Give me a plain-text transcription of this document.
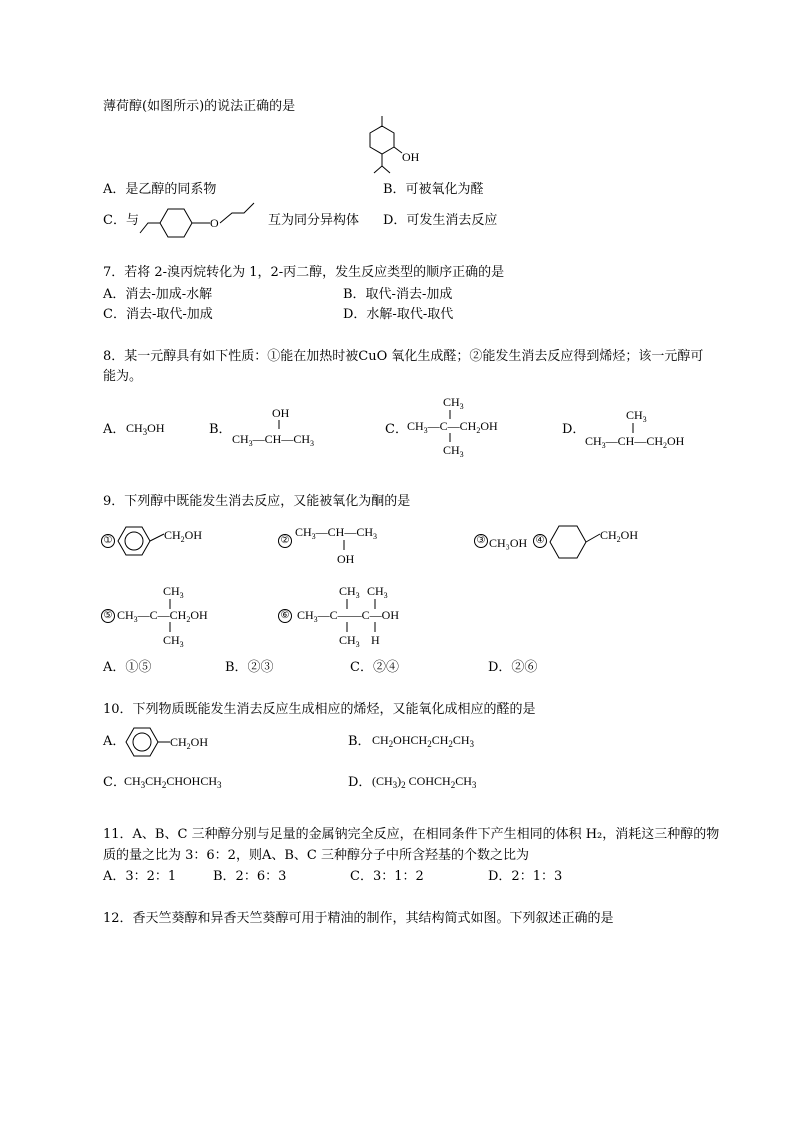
薄荷醇(如图所示)的说法正确的是
OH
A．是乙醇的同系物	B．可被氧化为醛
C．与	O	互为同分异构体 D．可发生消去反应
7．若将 2-溴丙烷转化为 1，2-丙二醇，发生反应类型的顺序正确的是
A．消去-加成-水解	B．取代-消去-加成
C．消去-取代-加成	D．水解-取代-取代
8．某一元醇具有如下性质：①能在加热时被CuO 氧化生成醛；②能发生消去反应得到烯烃；该一元醇可
能为。
A． $CH_3OH$	B．
OH
$CH_3—CH—CH_3$
C．
$CH_3$
$CH_3—C—CH_2OH$
$CH_3$
D．
$CH_3$
$CH_3—CH—CH_2OH$
9．下列醇中既能发生消去反应，又能被氧化为酮的是
①	$CH_2OH$	②
$CH_3—CH—CH_3$
OH
③ CH₃OH ④	$CH_2OH$
⑤
$CH_3$
$CH_3—C—CH_2OH$
$CH_3$
⑥
$CH_3$ $CH_3$
$CH_3—C——C—OH$
$CH_3$ H
A．①⑤	B．②③	C．②④	D．②⑥
10．下列物质既能发生消去反应生成相应的烯烃，又能氧化成相应的醛的是
A．	$CH_2OH$	B． $CH_2OHCH_2CH_2CH_3$
C．
$CH_3CH_2CHOHCH_3$	D． $(CH_3)_2$ $COHCH_2CH_3$
11．A、B、C 三种醇分别与足量的金属钠完全反应，在相同条件下产生相同的体积 H₂，消耗这三种醇的物
质的量之比为 3：6：2，则A、B、C 三种醇分子中所含羟基的个数之比为
A．3：2：1	B．2：6：3	C．3：1：2	D．2：1：3
12．香天竺葵醇和异香天竺葵醇可用于精油的制作，其结构简式如图。下列叙述正确的是
